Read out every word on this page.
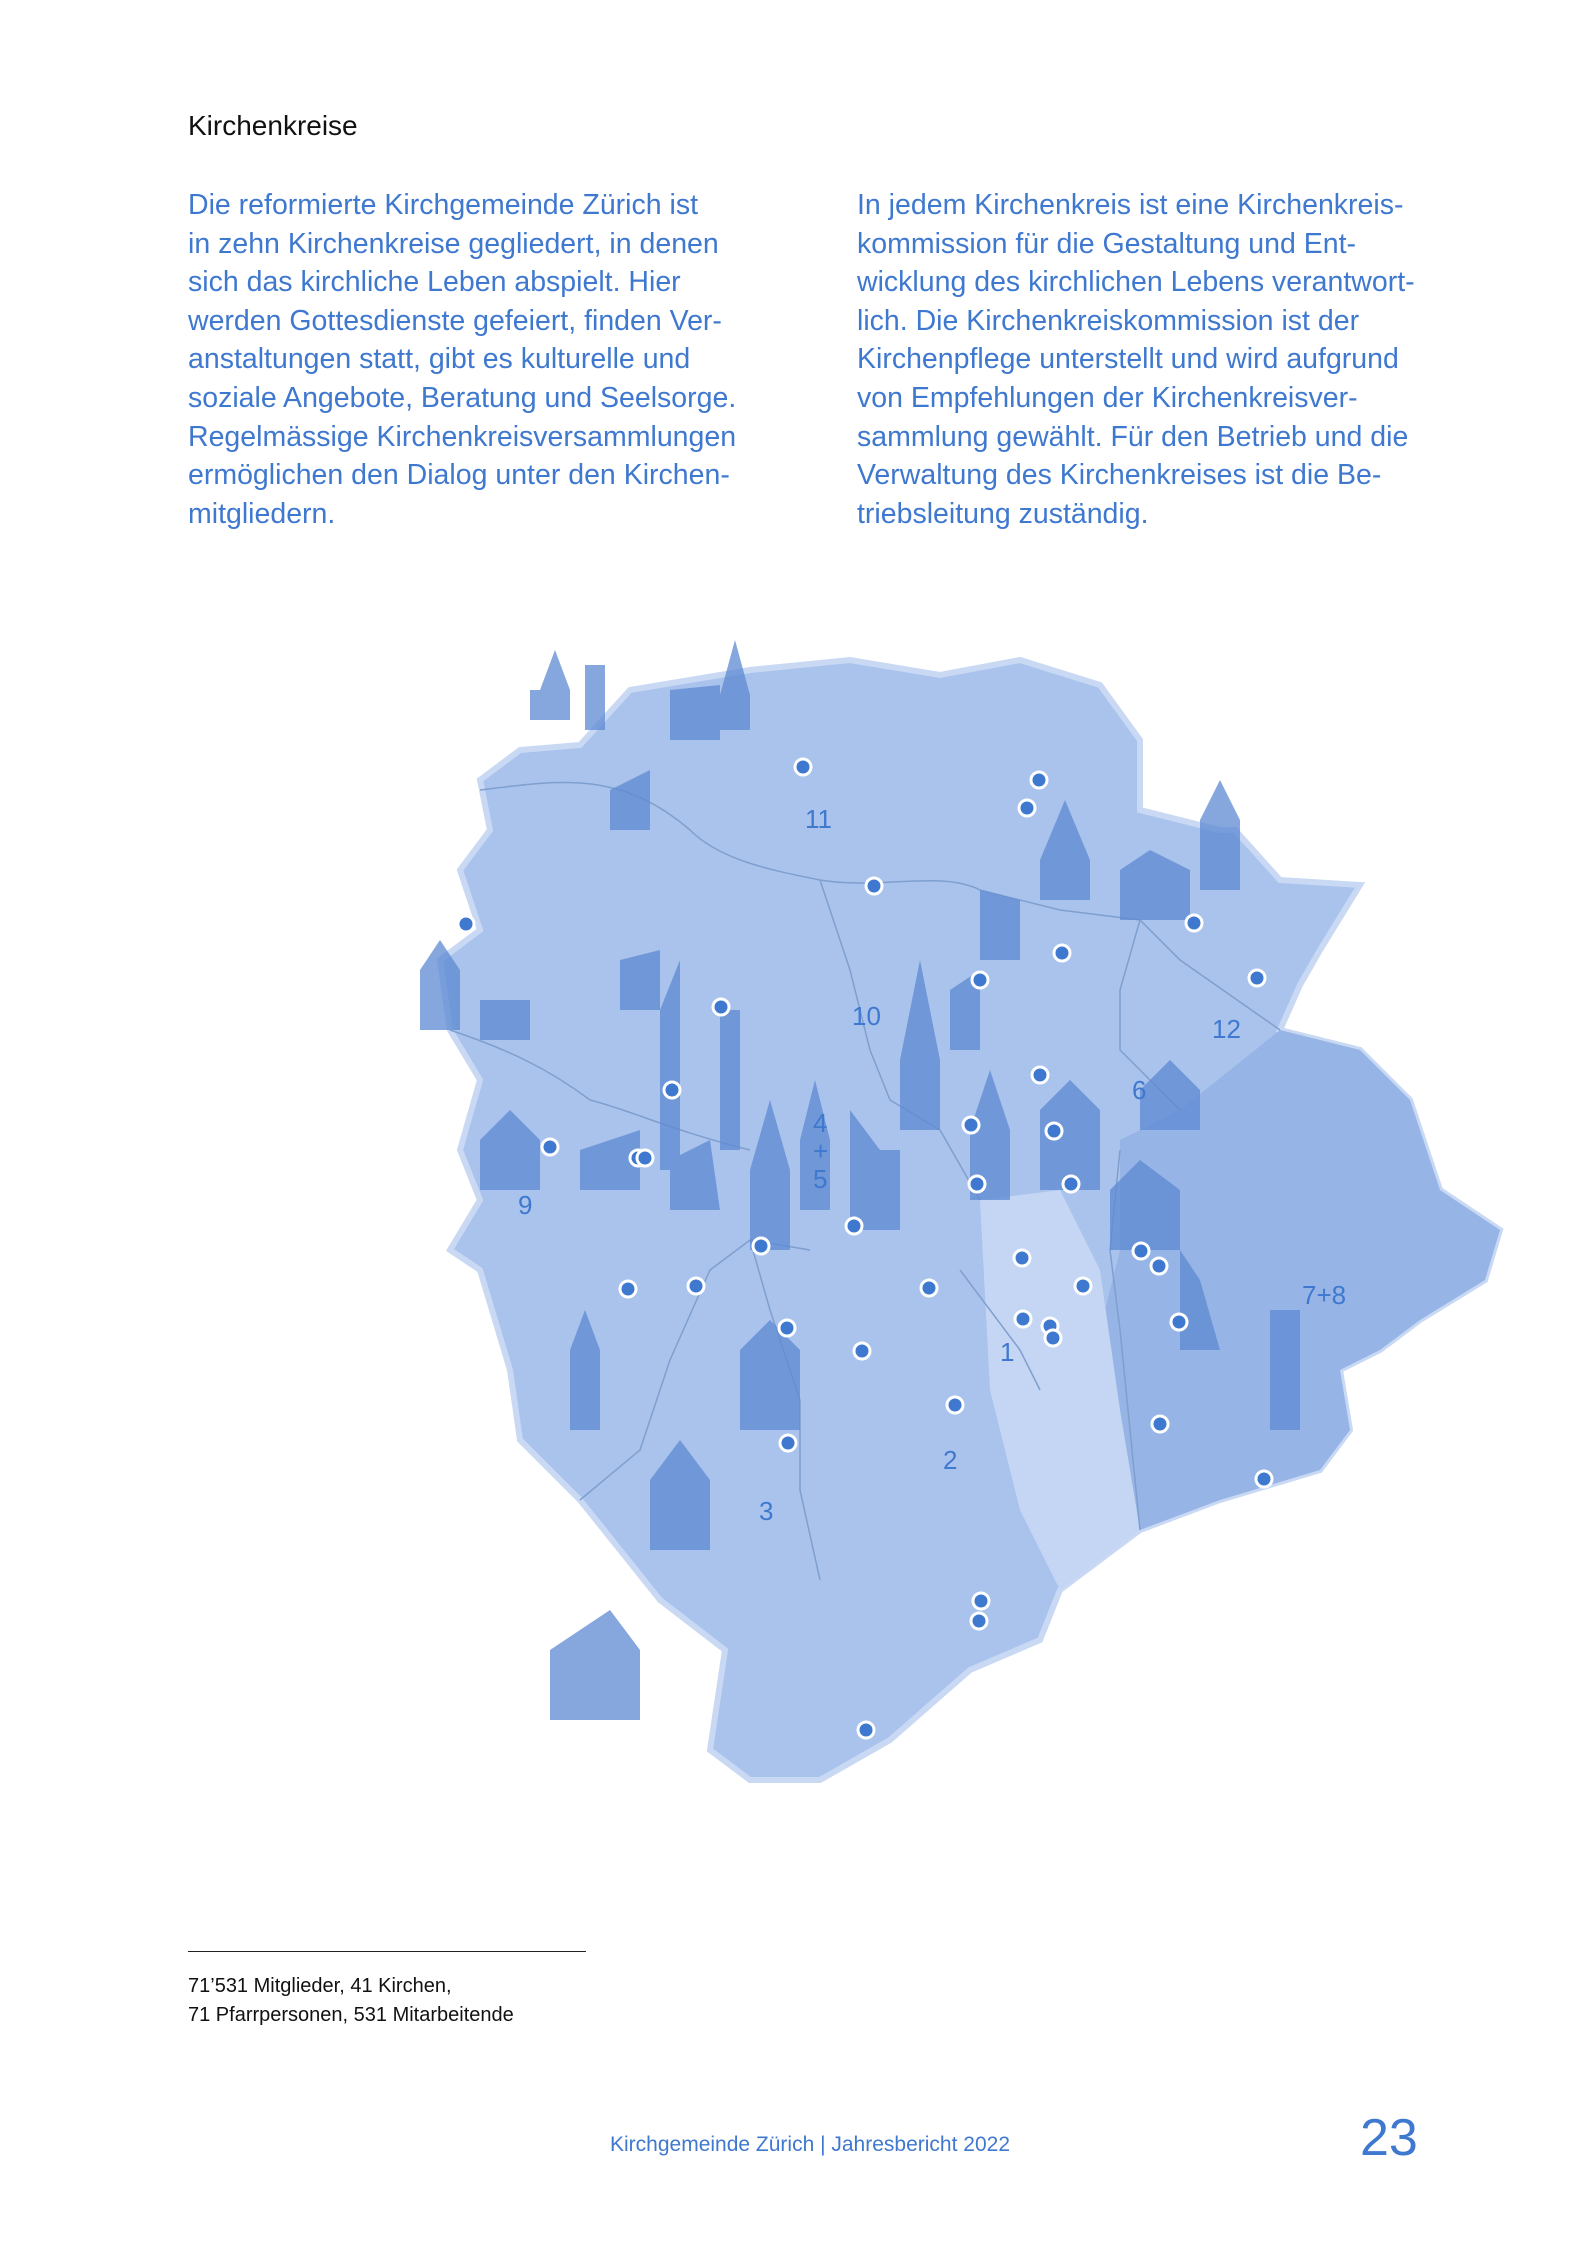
Kirchenkreise

Die reformierte Kirchgemeinde Zürich ist
in zehn Kirchenkreise gegliedert, in denen
sich das kirchliche Leben abspielt. Hier
werden Gottesdienste gefeiert, finden Ver-
anstaltungen statt, gibt es kulturelle und
soziale Angebote, Beratung und Seelsorge.
Regelmässige Kirchenkreisversammlungen
ermöglichen den Dialog unter den Kirchen-
mitgliedern.

In jedem Kirchenkreis ist eine Kirchenkreis-
kommission für die Gestaltung und Ent-
wicklung des kirchlichen Lebens verantwort-
lich. Die Kirchenkreiskommission ist der
Kirchenpflege unterstellt und wird aufgrund
von Empfehlungen der Kirchenkreisver-
sammlung gewählt. Für den Betrieb und die
Verwaltung des Kirchenkreises ist die Be-
triebsleitung zuständig.

11
10	12
6
4
+
5
9
7+8
1
2
3
71’531 Mitglieder, 41 Kirchen,
71 Pfarrpersonen, 531 Mitarbeitende
Kirchgemeinde Zürich | Jahresbericht 2022	23
